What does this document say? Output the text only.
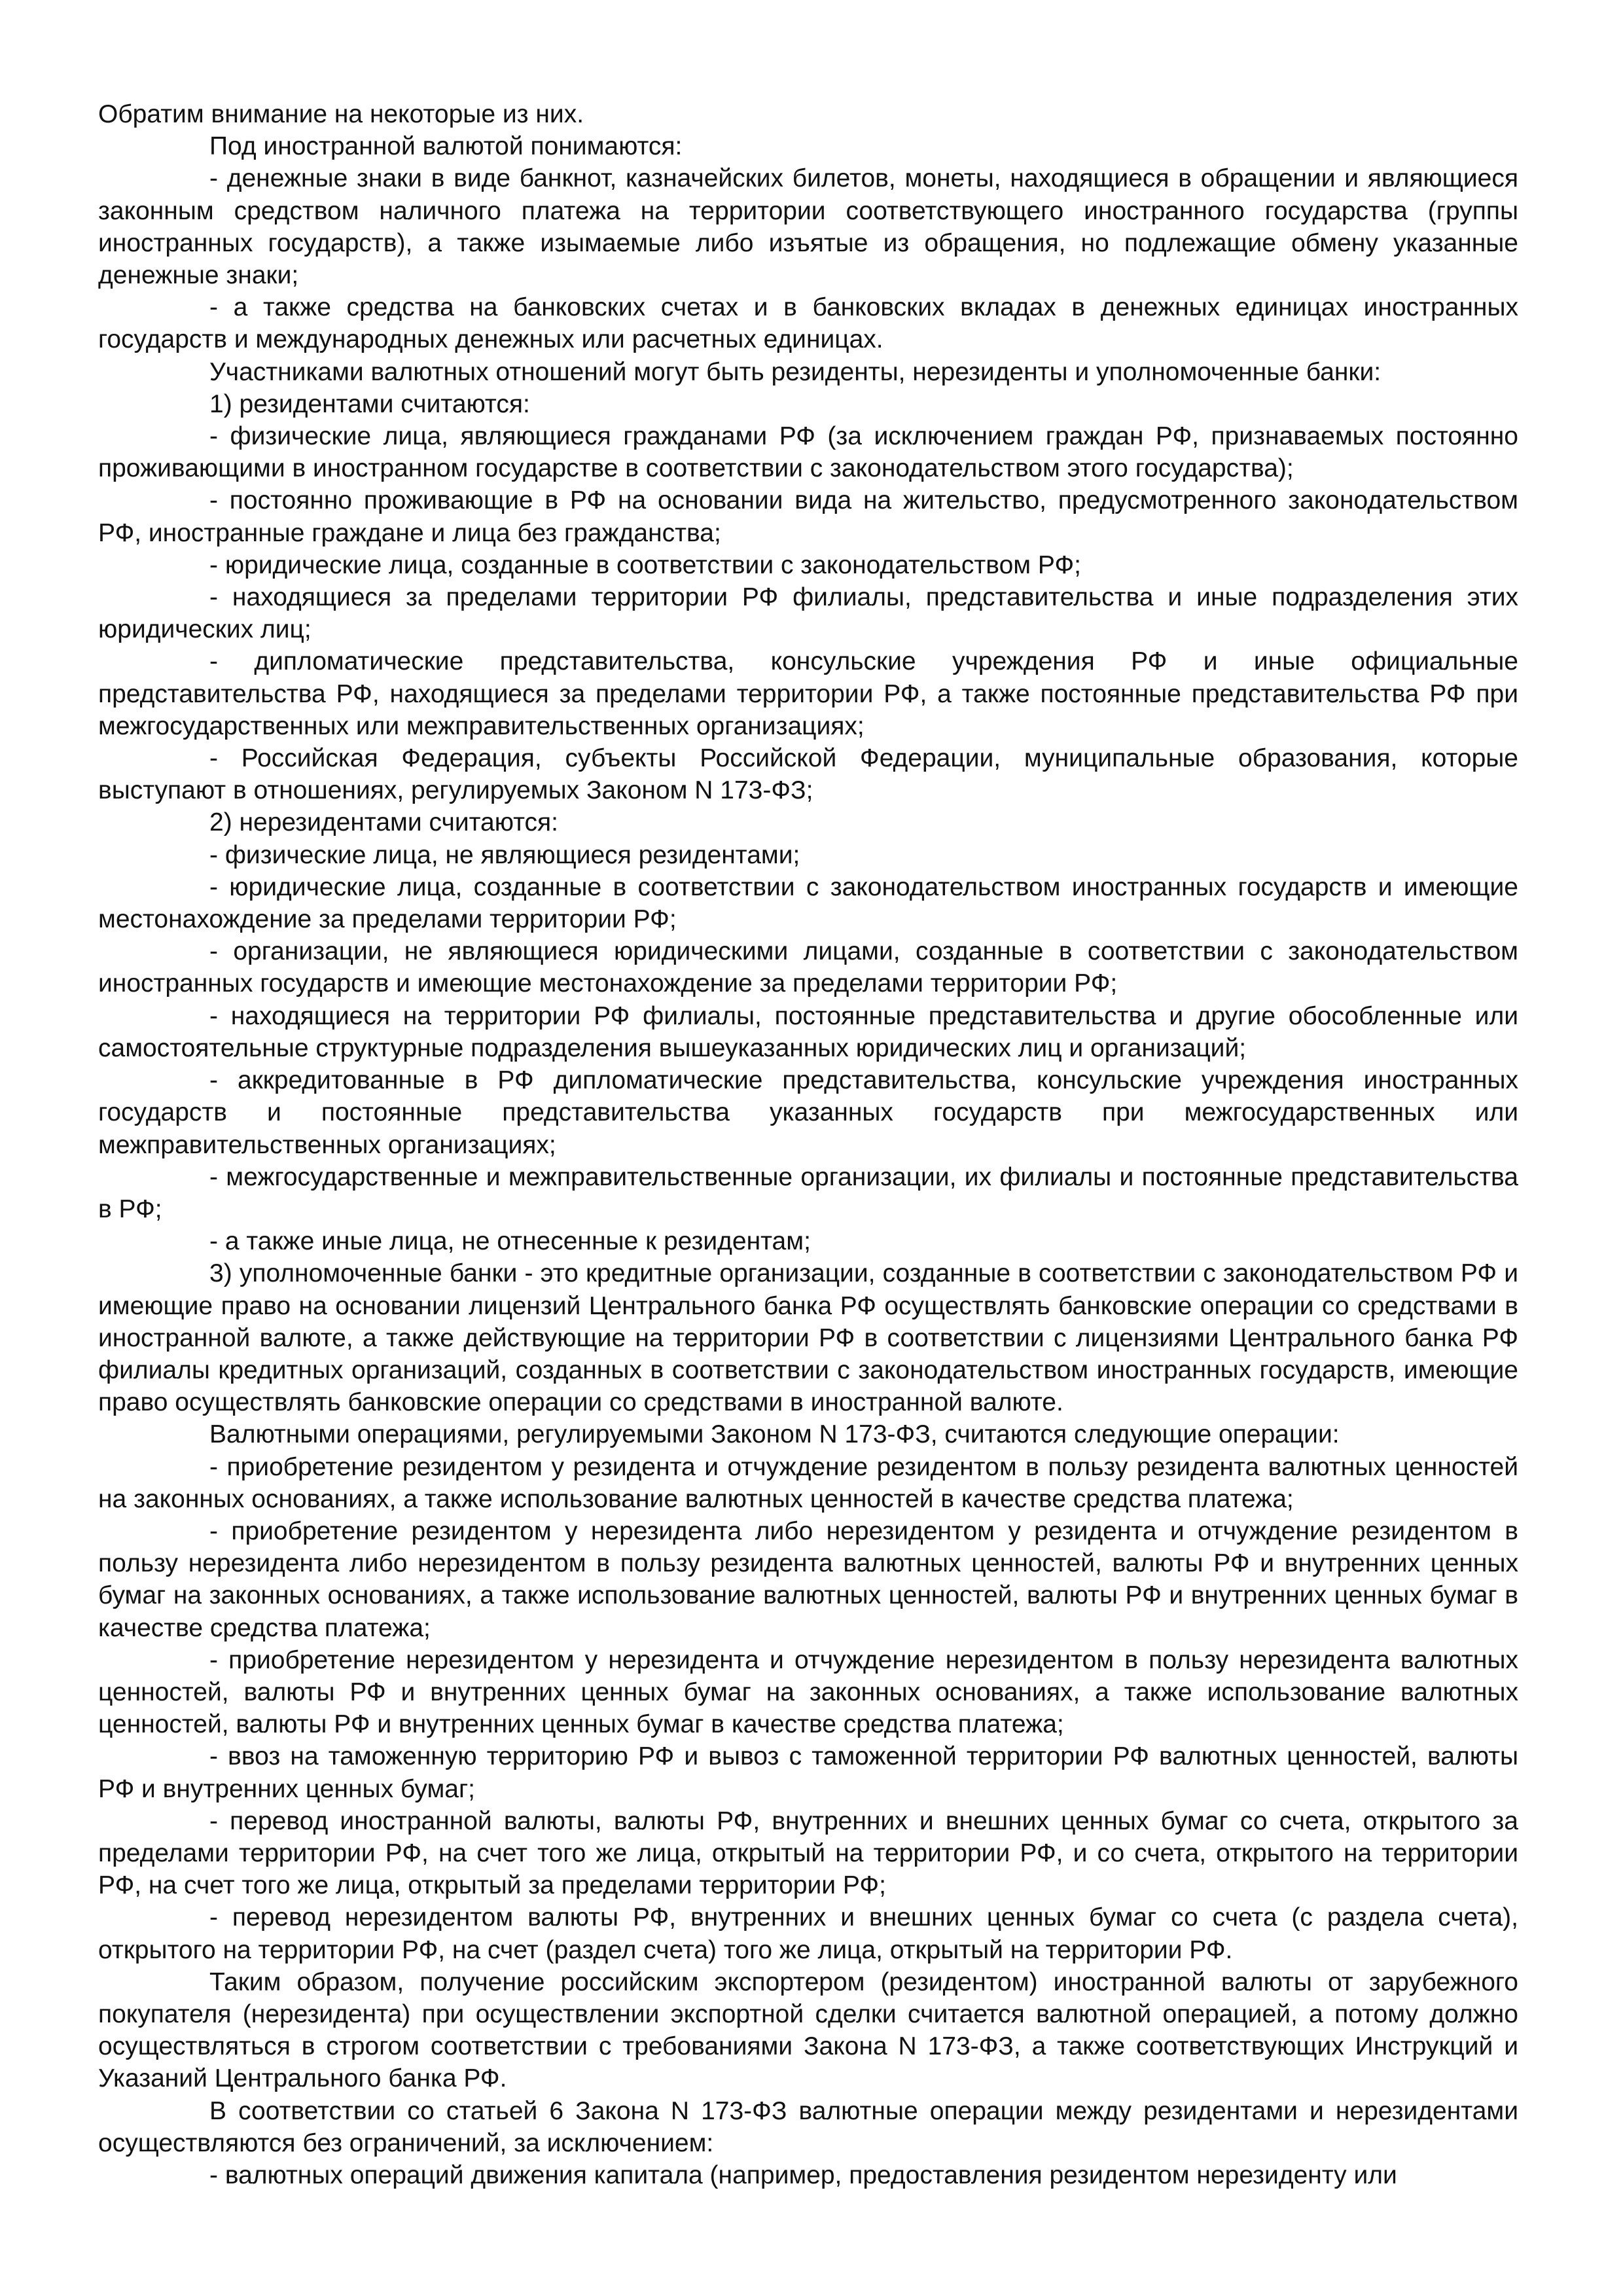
Обратим внимание на некоторые из них.

Под иностранной валютой понимаются:

- денежные знаки в виде банкнот, казначейских билетов, монеты, находящиеся в обращении и являющиеся законным средством наличного платежа на территории соответствующего иностранного государства (группы иностранных государств), а также изымаемые либо изъятые из обращения, но подлежащие обмену указанные денежные знаки;

- а также средства на банковских счетах и в банковских вкладах в денежных единицах иностранных государств и международных денежных или расчетных единицах.

Участниками валютных отношений могут быть резиденты, нерезиденты и уполномоченные банки:

1) резидентами считаются:

- физические лица, являющиеся гражданами РФ (за исключением граждан РФ, признаваемых постоянно проживающими в иностранном государстве в соответствии с законодательством этого государства);

- постоянно проживающие в РФ на основании вида на жительство, предусмотренного законодательством РФ, иностранные граждане и лица без гражданства;

- юридические лица, созданные в соответствии с законодательством РФ;

- находящиеся за пределами территории РФ филиалы, представительства и иные подразделения этих юридических лиц;

- дипломатические представительства, консульские учреждения РФ и иные официальные представительства РФ, находящиеся за пределами территории РФ, а также постоянные представительства РФ при межгосударственных или межправительственных организациях;

- Российская Федерация, субъекты Российской Федерации, муниципальные образования, которые выступают в отношениях, регулируемых Законом N 173-ФЗ;

2) нерезидентами считаются:

- физические лица, не являющиеся резидентами;

- юридические лица, созданные в соответствии с законодательством иностранных государств и имеющие местонахождение за пределами территории РФ;

- организации, не являющиеся юридическими лицами, созданные в соответствии с законодательством иностранных государств и имеющие местонахождение за пределами территории РФ;

- находящиеся на территории РФ филиалы, постоянные представительства и другие обособленные или самостоятельные структурные подразделения вышеуказанных юридических лиц и организаций;

- аккредитованные в РФ дипломатические представительства, консульские учреждения иностранных государств и постоянные представительства указанных государств при межгосударственных или межправительственных организациях;

- межгосударственные и межправительственные организации, их филиалы и постоянные представительства в РФ;

- а также иные лица, не отнесенные к резидентам;

3) уполномоченные банки - это кредитные организации, созданные в соответствии с законодательством РФ и имеющие право на основании лицензий Центрального банка РФ осуществлять банковские операции со средствами в иностранной валюте, а также действующие на территории РФ в соответствии с лицензиями Центрального банка РФ филиалы кредитных организаций, созданных в соответствии с законодательством иностранных государств, имеющие право осуществлять банковские операции со средствами в иностранной валюте.

Валютными операциями, регулируемыми Законом N 173-ФЗ, считаются следующие операции:

- приобретение резидентом у резидента и отчуждение резидентом в пользу резидента валютных ценностей на законных основаниях, а также использование валютных ценностей в качестве средства платежа;

- приобретение резидентом у нерезидента либо нерезидентом у резидента и отчуждение резидентом в пользу нерезидента либо нерезидентом в пользу резидента валютных ценностей, валюты РФ и внутренних ценных бумаг на законных основаниях, а также использование валютных ценностей, валюты РФ и внутренних ценных бумаг в качестве средства платежа;

- приобретение нерезидентом у нерезидента и отчуждение нерезидентом в пользу нерезидента валютных ценностей, валюты РФ и внутренних ценных бумаг на законных основаниях, а также использование валютных ценностей, валюты РФ и внутренних ценных бумаг в качестве средства платежа;

- ввоз на таможенную территорию РФ и вывоз с таможенной территории РФ валютных ценностей, валюты РФ и внутренних ценных бумаг;

- перевод иностранной валюты, валюты РФ, внутренних и внешних ценных бумаг со счета, открытого за пределами территории РФ, на счет того же лица, открытый на территории РФ, и со счета, открытого на территории РФ, на счет того же лица, открытый за пределами территории РФ;

- перевод нерезидентом валюты РФ, внутренних и внешних ценных бумаг со счета (с раздела счета), открытого на территории РФ, на счет (раздел счета) того же лица, открытый на территории РФ.

Таким образом, получение российским экспортером (резидентом) иностранной валюты от зарубежного покупателя (нерезидента) при осуществлении экспортной сделки считается валютной операцией, а потому должно осуществляться в строгом соответствии с требованиями Закона N 173-ФЗ, а также соответствующих Инструкций и Указаний Центрального банка РФ.

В соответствии со статьей 6 Закона N 173-ФЗ валютные операции между резидентами и нерезидентами осуществляются без ограничений, за исключением:

- валютных операций движения капитала (например, предоставления резидентом нерезиденту или
